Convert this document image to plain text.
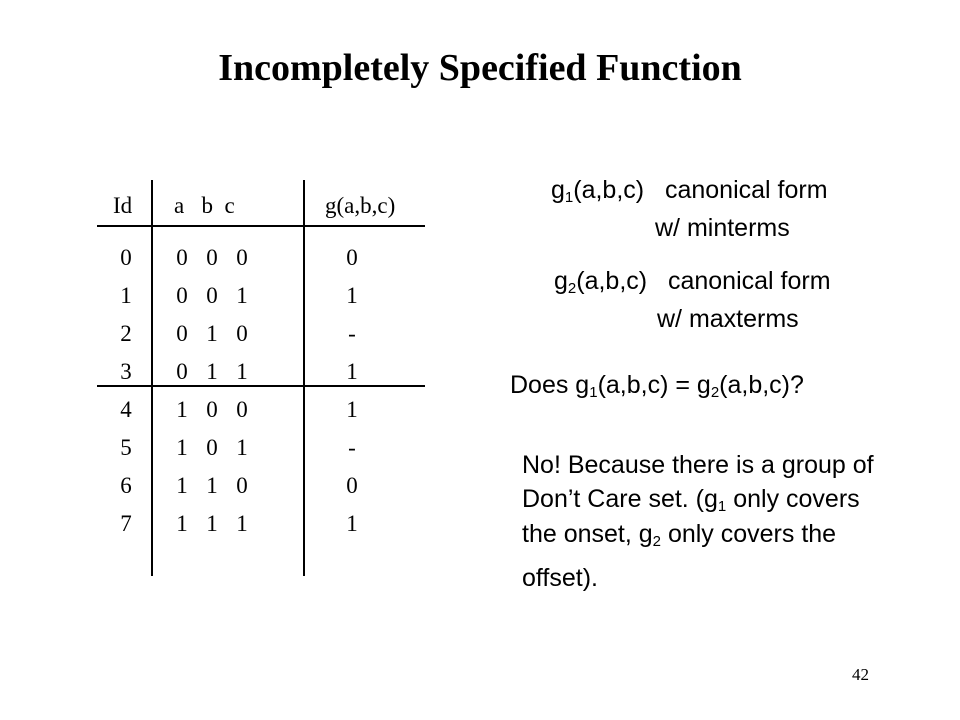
Incompletely Specified Function
Id a   b  c	g(a,b,c)
0	0 0 0	0
1	0 0 1	1
2	0 1 0	-
3	0 1 1	1
4	1 0 0	1
5	1 0 1	-
6	1 1 0	0
7	1 1 1	1
$g_1(a,b,c)$ canonical form
w/ minterms
$g_2(a,b,c)$ canonical form
w/ maxterms
Does $g_1(a,b,c) = g_2(a,b,c)$?
No! Because there is a group of
Don’t Care set. ($g_1$ only covers
the onset, $g_2$ only covers the
offset).
42
